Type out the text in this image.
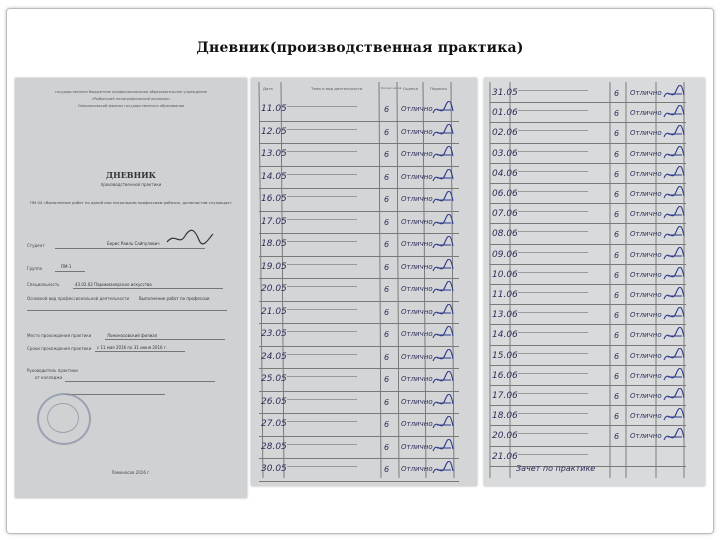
Дневник(производственная практика)
государственное бюджетное профессиональное образовательное учреждение
«Рыбинский полиграфический колледж»
Ломоносовский филиал государственного образования
ДНЕВНИК
производственной практики
ПМ 04 «Выполнение работ по одной или нескольким профессиям рабочих, должностям служащих»
Студент	Борис Раиль Сайпулович
Группа	ПМ-1
Специальность	43.02.02 Парикмахерское искусство
Основной вид профессиональной деятельности Выполнение работ по профессии
Место прохождения практики	Ломоносовский филиал
Сроки прохождения практики с 11 мая 2016 по 31 июня 2016 г.
Руководитель практики
от колледжа
Ломоносов 2016 г.
Дата	Тема и вид деятельности	Кол-во часов Оценка	Подпись
11.05	6 Отлично
12.05	6 Отлично
13.05	6 Отлично
14.05	6 Отлично
16.05	6 Отлично
17.05	6 Отлично
18.05	6 Отлично
19.05	6 Отлично
20.05	6 Отлично
21.05	6 Отлично
23.05	6 Отлично
24.05	6 Отлично
25.05	6 Отлично
26.05	6 Отлично
27.05	6 Отлично
28.05	6 Отлично
30.05	6 Отлично
31.05	6 Отлично
01.06	6 Отлично
02.06	6 Отлично
03.06	6 Отлично
04.06	6 Отлично
06.06	6 Отлично
07.06	6 Отлично
08.06	6 Отлично
09.06	6 Отлично
10.06	6 Отлично
11.06	6 Отлично
13.06	6 Отлично
14.06	6 Отлично
15.06	6 Отлично
16.06	6 Отлично
17.06	6 Отлично
18.06	6 Отлично
20.06	6 Отлично
21.06
Зачет по практике
